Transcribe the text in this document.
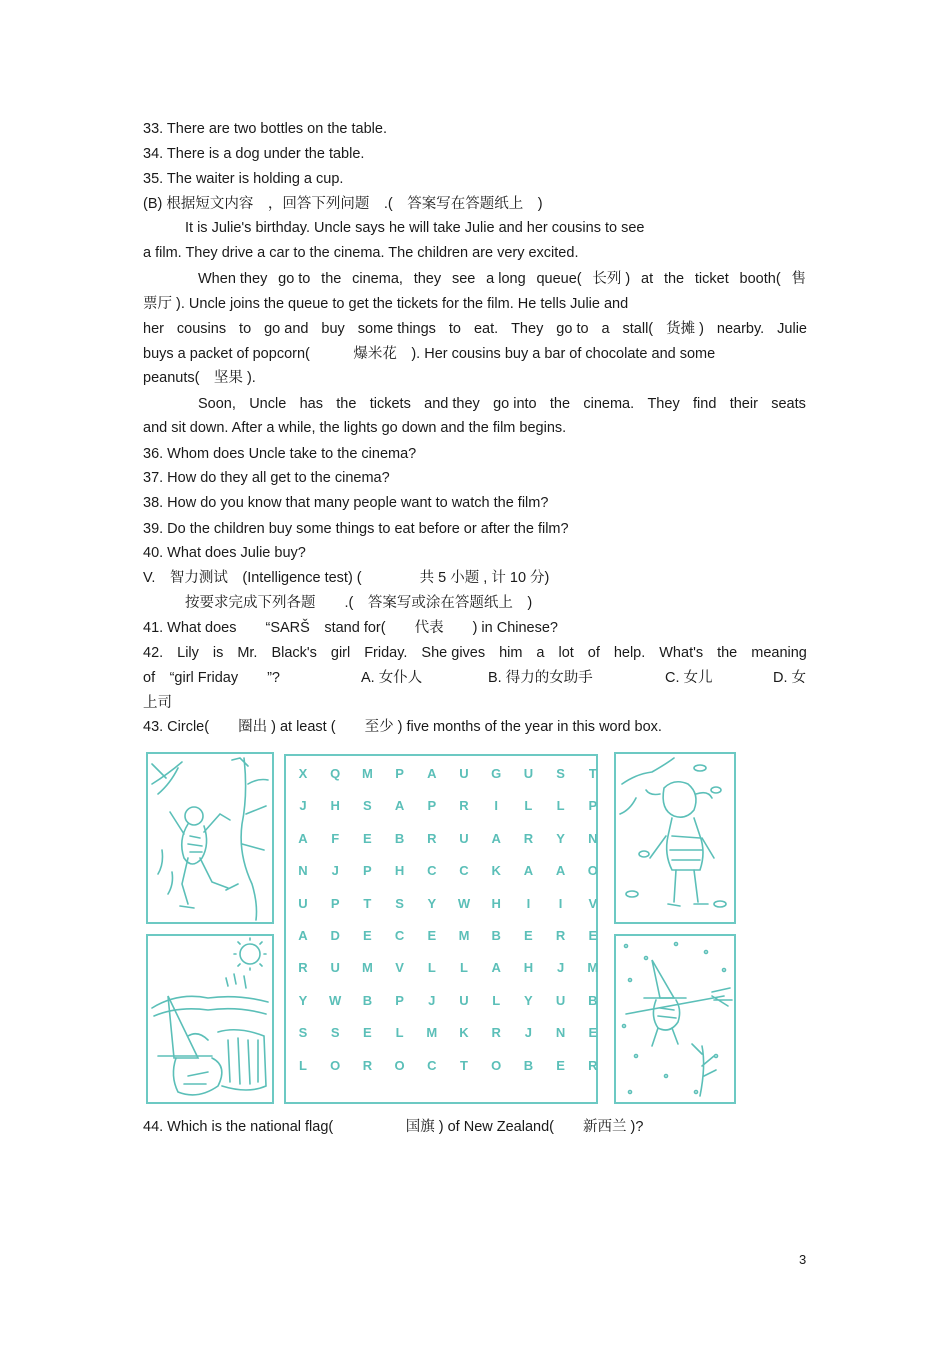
33. There are two bottles on the table.
34. There is a dog under the table.
35. The waiter is holding a cup.
(B) 根据短文内容　，回答下列问题　.(　答案写在答题纸上　)
It is Julie's birthday. Uncle says he will take Julie and her cousins to see
a film. They drive a car to the cinema. The children are very excited.
When they go to the cinema, they see a long queue( 长列 ) at the ticket booth( 售
票厅 ). Uncle joins the queue to get the tickets for the film. He tells Julie and
her cousins to go and buy some things to eat. They go to a stall( 货摊 ) nearby. Julie
buys a packet of popcorn(　　　爆米花　). Her cousins buy a bar of chocolate and some
peanuts(　坚果 ).
Soon, Uncle has the tickets and they go into the cinema. They find their seats
and sit down. After a while, the lights go down and the film begins.
36. Whom does Uncle take to the cinema?
37. How do they all get to the cinema?
38. How do you know that many people want to watch the film?
39. Do the children buy some things to eat before or after the film?
40. What does Julie buy?
V.　智力测试　(Intelligence test) (　　　　共 5 小题 , 计 10 分)
按要求完成下列各题　　.(　答案写或涂在答题纸上　)
41. What does　　“SARŠ　stand for(　　代表　　) in Chinese?
42. Lily is Mr. Black's girl Friday. She gives him a lot of help. What's the meaning
of　“girl Friday　　”?	A. 女仆人	B. 得力的女助手	C. 女儿	D. 女
上司
43. Circle(　　圈出 ) at least (　　至少 ) five months of the year in this word box.
X	Q	M	P	A	U	G	U	S	T
J	H	S	A	P	R	I	L	L	P
A	F	E	B	R	U	A	R	Y	N
N	J	P	H	C	C	K	A	A	O
U	P	T	S	Y	W	H	I	I	V
A	D	E	C	E	M	B	E	R	E
R	U	M	V	L	L	A	H	J	M
Y	W	B	P	J	U	L	Y	U	B
S	S	E	L	M	K	R	J	N	E
L	O	R	O	C	T	O	B	E	R
44. Which is the national flag(　　　　　国旗 ) of New Zealand(　　新西兰 )?
3
